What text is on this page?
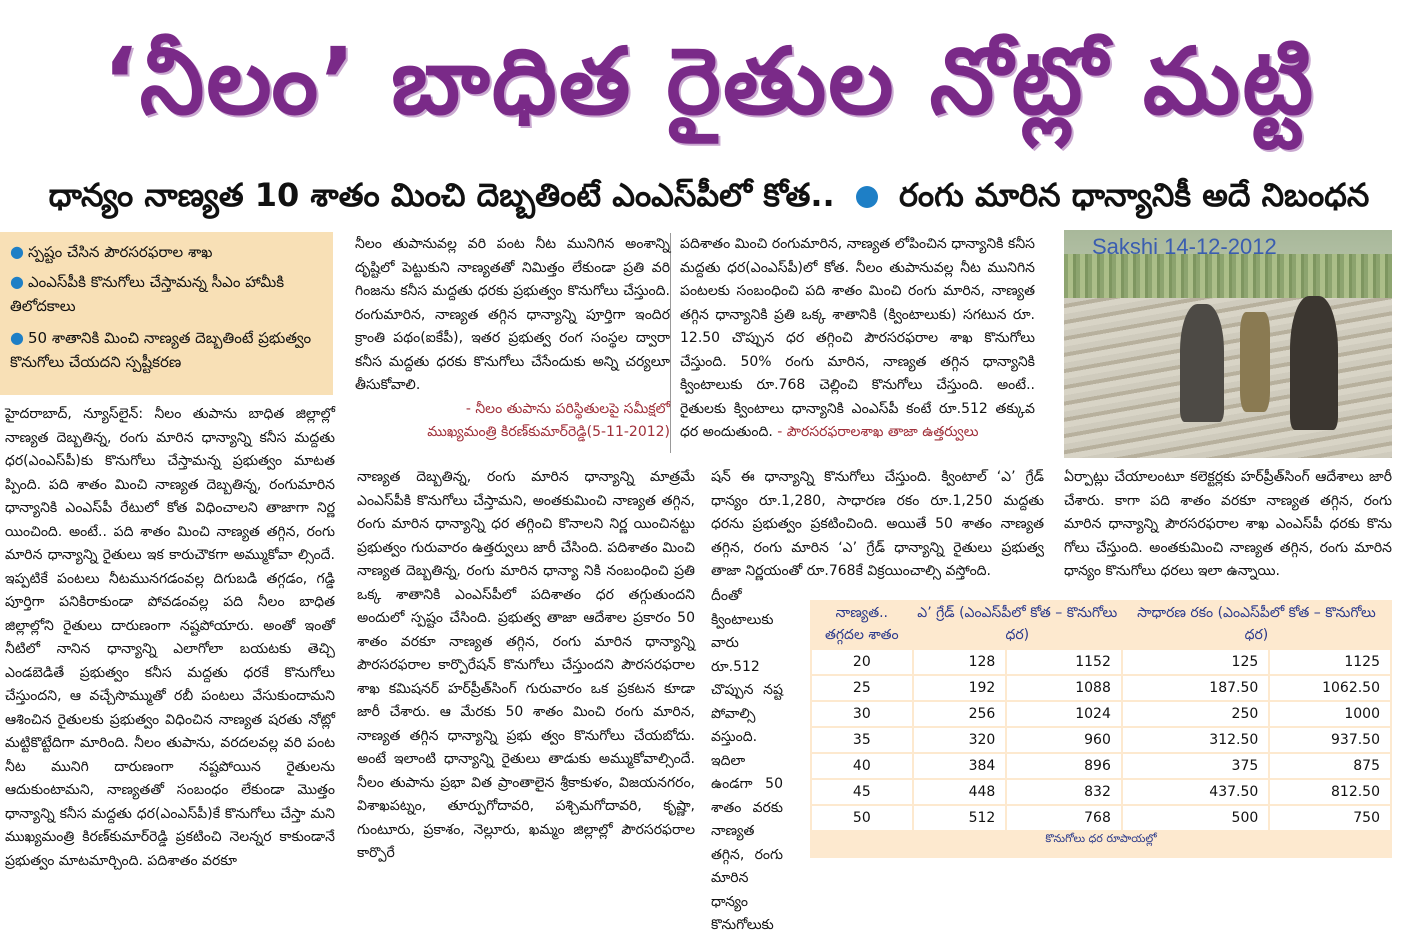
‘నీలం’ బాధిత రైతుల నోట్లో మట్టి
ధాన్యం నాణ్యత 10 శాతం మించి దెబ్బతింటే ఎంఎస్‌పీలో కోత.. రంగు మారిన ధాన్యానికీ అదే నిబంధన
● స్పష్టం చేసిన పౌరసరఫరాల శాఖ
● ఎంఎస్‌పీకి కొనుగోలు చేస్తామన్న సీఎం హామీకి తిలోదకాలు
● 50 శాతానికి మించి నాణ్యత దెబ్బతింటే ప్రభుత్వం కొనుగోలు చేయదని స్పష్టీకరణ
నీలం తుపానువల్ల వరి పంట నీట మునిగిన అంశాన్ని దృష్టిలో పెట్టుకుని నాణ్యతతో నిమిత్తం లేకుండా ప్రతి వరి గింజను కనీస మద్దతు ధరకు ప్రభుత్వం కొనుగోలు చేస్తుంది. రంగుమారిన, నాణ్యత తగ్గిన ధాన్యాన్ని పూర్తిగా ఇందిర క్రాంతి పథం(ఐకేపీ), ఇతర ప్రభుత్వ రంగ సంస్థల ద్వారా కనీస మద్దతు ధరకు కొనుగోలు చేసేందుకు అన్ని చర్యలూ తీసుకోవాలి.
- నీలం తుపాను పరిస్థితులపై సమీక్షలో
ముఖ్యమంత్రి కిరణ్‌కుమార్‌రెడ్డి(5-11-2012)
పదిశాతం మించి రంగుమారిన, నాణ్యత లోపించిన ధాన్యానికి కనీస మద్దతు ధర(ఎంఎస్‌పీ)లో కోత. నీలం తుపానువల్ల నీట మునిగిన పంటలకు సంబంధించి పది శాతం మించి రంగు మారిన, నాణ్యత తగ్గిన ధాన్యానికి ప్రతి ఒక్క శాతానికి (క్వింటాలుకు) సగటున రూ. 12.50 చొప్పున ధర తగ్గించి పౌరసరఫరాల శాఖ కొనుగోలు చేస్తుంది. 50% రంగు మారిన, నాణ్యత తగ్గిన ధాన్యానికి క్వింటాలుకు రూ.768 చెల్లించి కొనుగోలు చేస్తుంది. అంటే.. రైతులకు క్వింటాలు ధాన్యానికి ఎంఎస్‌పీ కంటే రూ.512 తక్కువ ధర అందుతుంది. - పౌరసరఫరాలశాఖ తాజా ఉత్తర్వులు
Sakshi 14-12-2012
హైదరాబాద్, న్యూస్‌లైన్: నీలం తుపాను బాధిత జిల్లాల్లో నాణ్యత దెబ్బతిన్న, రంగు మారిన ధాన్యాన్ని కనీస మద్దతు ధర(ఎంఎస్‌పీ)కు కొనుగోలు చేస్తామన్న ప్రభుత్వం మాటత ప్పింది. పది శాతం మించి నాణ్యత దెబ్బతిన్న, రంగుమారిన ధాన్యానికి ఎంఎస్‌పీ రేటులో కోత విధించాలని తాజాగా నిర్ణ యించింది. అంటే.. పది శాతం మించి నాణ్యత తగ్గిన, రంగు మారిన ధాన్యాన్ని రైతులు ఇక కారుచౌకగా అమ్ముకోవా ల్సిందే. ఇప్పటికే పంటలు నీటమునగడంవల్ల దిగుబడి తగ్గడం, గడ్డి పూర్తిగా పనికిరాకుండా పోవడంవల్ల పది నీలం బాధిత జిల్లాల్లోని రైతులు దారుణంగా నష్టపోయారు. అంతో ఇంతో నీటిలో నానిన ధాన్యాన్ని ఎలాగోలా బయటకు తెచ్చి ఎండబెడితే ప్రభుత్వం కనీస మద్దతు ధరకే కొనుగోలు చేస్తుందని, ఆ వచ్చేసొమ్ముతో రబీ పంటలు వేసుకుందామని ఆశించిన రైతులకు ప్రభుత్వం విధించిన నాణ్యత షరతు నోట్లో మట్టికొట్టేదిగా మారింది. నీలం తుపాను, వరదలవల్ల వరి పంట నీట మునిగి దారుణంగా నష్టపోయిన రైతులను ఆదుకుంటామని, నాణ్యతతో సంబంధం లేకుండా మొత్తం ధాన్యాన్ని కనీస మద్దతు ధర(ఎంఎస్‌పీ)కే కొనుగోలు చేస్తా మని ముఖ్యమంత్రి కిరణ్‌కుమార్‌రెడ్డి ప్రకటించి నెలన్నర కాకుండానే ప్రభుత్వం మాటమార్చింది. పదిశాతం వరకూ
నాణ్యత దెబ్బతిన్న, రంగు మారిన ధాన్యాన్ని మాత్రమే ఎంఎస్‌పీకి కొనుగోలు చేస్తామని, అంతకుమించి నాణ్యత తగ్గిన, రంగు మారిన ధాన్యాన్ని ధర తగ్గించి కొనాలని నిర్ణ యించినట్టు ప్రభుత్వం గురువారం ఉత్తర్వులు జారీ చేసింది. పదిశాతం మించి నాణ్యత దెబ్బతిన్న, రంగు మారిన ధాన్యా నికి నంబంధించి ప్రతి ఒక్క శాతానికి ఎంఎస్‌పీలో పదిశాతం ధర తగ్గుతుందని అందులో స్పష్టం చేసింది. ప్రభుత్వ తాజా ఆదేశాల ప్రకారం 50 శాతం వరకూ నాణ్యత తగ్గిన, రంగు మారిన ధాన్యాన్ని పౌరసరఫరాల కార్పొరేషన్ కొనుగోలు చేస్తుందని పౌరసరఫరాల శాఖ కమిషనర్ హర్‌ప్రీత్‌సింగ్ గురువారం ఒక ప్రకటన కూడా జారీ చేశారు. ఆ మేరకు 50 శాతం మించి రంగు మారిన, నాణ్యత తగ్గిన ధాన్యాన్ని ప్రభు త్వం కొనుగోలు చేయబోదు. అంటే ఇలాంటి ధాన్యాన్ని రైతులు తాడుకు అమ్ముకోవాల్సిందే. నీలం తుపాను ప్రభా విత ప్రాంతాలైన శ్రీకాకుళం, విజయనగరం, విశాఖపట్నం, తూర్పుగోదావరి, పశ్చిమగోదావరి, కృష్ణా, గుంటూరు, ప్రకాశం, నెల్లూరు, ఖమ్మం జిల్లాల్లో పౌరసరఫరాల కార్పొరే
షన్ ఈ ధాన్యాన్ని కొనుగోలు చేస్తుంది. క్వింటాల్ ‘ఎ’ గ్రేడ్ ధాన్యం రూ.1,280, సాధారణ రకం రూ.1,250 మద్దతు ధరను ప్రభుత్వం ప్రకటించింది. అయితే 50 శాతం నాణ్యత తగ్గిన, రంగు మారిన ‘ఎ’ గ్రేడ్ ధాన్యాన్ని రైతులు ప్రభుత్వ తాజా నిర్ణయంతో రూ.768కే విక్రయించాల్సి వస్తోంది.
దీంతో క్వింటాలుకు వారు రూ.512 చొప్పున నష్ట పోవాల్సి వస్తుంది. ఇదిలా ఉండగా 50 శాతం వరకు నాణ్యత తగ్గిన, రంగు మారిన ధాన్యం కొనుగోలుకు
ఏర్పాట్లు చేయాలంటూ కలెక్టర్లకు హర్‌ప్రీత్‌సింగ్ ఆదేశాలు జారీ చేశారు. కాగా పది శాతం వరకూ నాణ్యత తగ్గిన, రంగు మారిన ధాన్యాన్ని పౌరసరఫరాల శాఖ ఎంఎస్‌పీ ధరకు కొను గోలు చేస్తుంది. అంతకుమించి నాణ్యత తగ్గిన, రంగు మారిన ధాన్యం కొనుగోలు ధరలు ఇలా ఉన్నాయి.
నాణ్యత.. తగ్గదల శాతం	ఎ’ గ్రేడ్ (ఎంఎస్‌పీలో కోత – కొనుగోలు ధర)		సాధారణ రకం (ఎంఎస్‌పీలో కోత – కొనుగోలు ధర)	
20	128	1152	125	1125
25	192	1088	187.50	1062.50
30	256	1024	250	1000
35	320	960	312.50	937.50
40	384	896	375	875
45	448	832	437.50	812.50
50	512	768	500	750
కొనుగోలు ధర రూపాయల్లో
